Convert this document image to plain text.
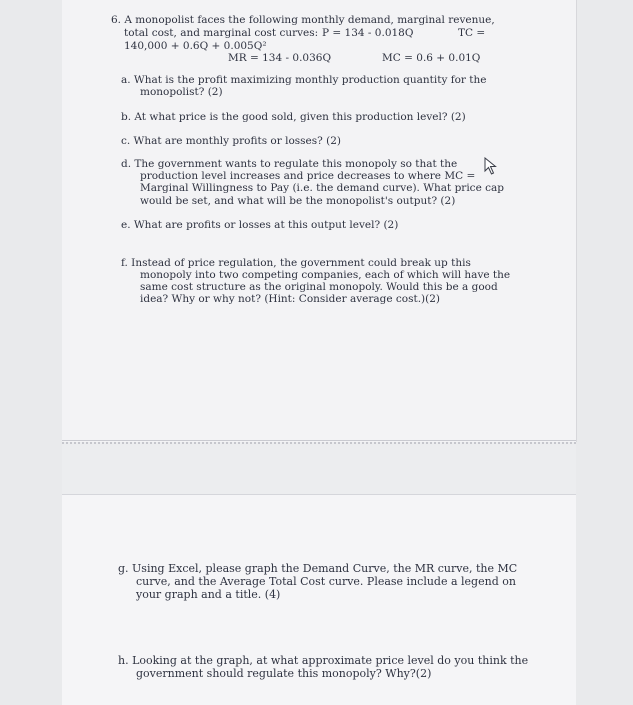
6. A monopolist faces the following monthly demand, marginal revenue,
total cost, and marginal cost curves: P = 134 - 0.018Q	TC =
140,000 + 0.6Q + 0.005Q²
MR = 134 - 0.036Q	MC = 0.6 + 0.01Q
a. What is the profit maximizing monthly production quantity for the
monopolist? (2)
b. At what price is the good sold, given this production level? (2)
c. What are monthly profits or losses? (2)
d. The government wants to regulate this monopoly so that the
production level increases and price decreases to where MC =
Marginal Willingness to Pay (i.e. the demand curve). What price cap
would be set, and what will be the monopolist's output? (2)
e. What are profits or losses at this output level? (2)
f. Instead of price regulation, the government could break up this
monopoly into two competing companies, each of which will have the
same cost structure as the original monopoly. Would this be a good
idea? Why or why not? (Hint: Consider average cost.)(2)
g. Using Excel, please graph the Demand Curve, the MR curve, the MC
curve, and the Average Total Cost curve. Please include a legend on
your graph and a title. (4)
h. Looking at the graph, at what approximate price level do you think the
government should regulate this monopoly? Why?(2)
